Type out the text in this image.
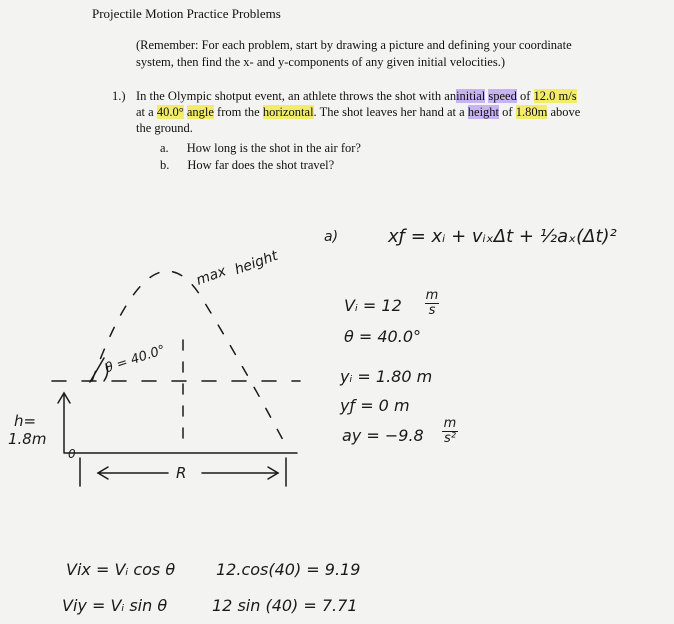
Projectile Motion Practice Problems
(Remember: For each problem, start by drawing a picture and defining your coordinate
system, then find the x- and y-components of any given initial velocities.)
1.) In the Olympic shotput event, an athlete throws the shot with aninitial speed of 12.0 m/s
at a 40.0° angle from the horizontal. The shot leaves her hand at a height of 1.80m above
the ground.
a. How long is the shot in the air for?
b. How far does the shot travel?
a)	xƒ = xᵢ + vᵢₓΔt + ½aₓ(Δt)²
max height
Vᵢ = 12
m
s
θ = 40.0°
yᵢ = 1.80 m
yƒ = 0 m
ay = −9.8
m
s²
θ = 40.0°
h=
1.8m
0
R
Vix = Vᵢ cos θ	12.cos(40) = 9.19
Viy = Vᵢ sin θ	12 sin (40) = 7.71
